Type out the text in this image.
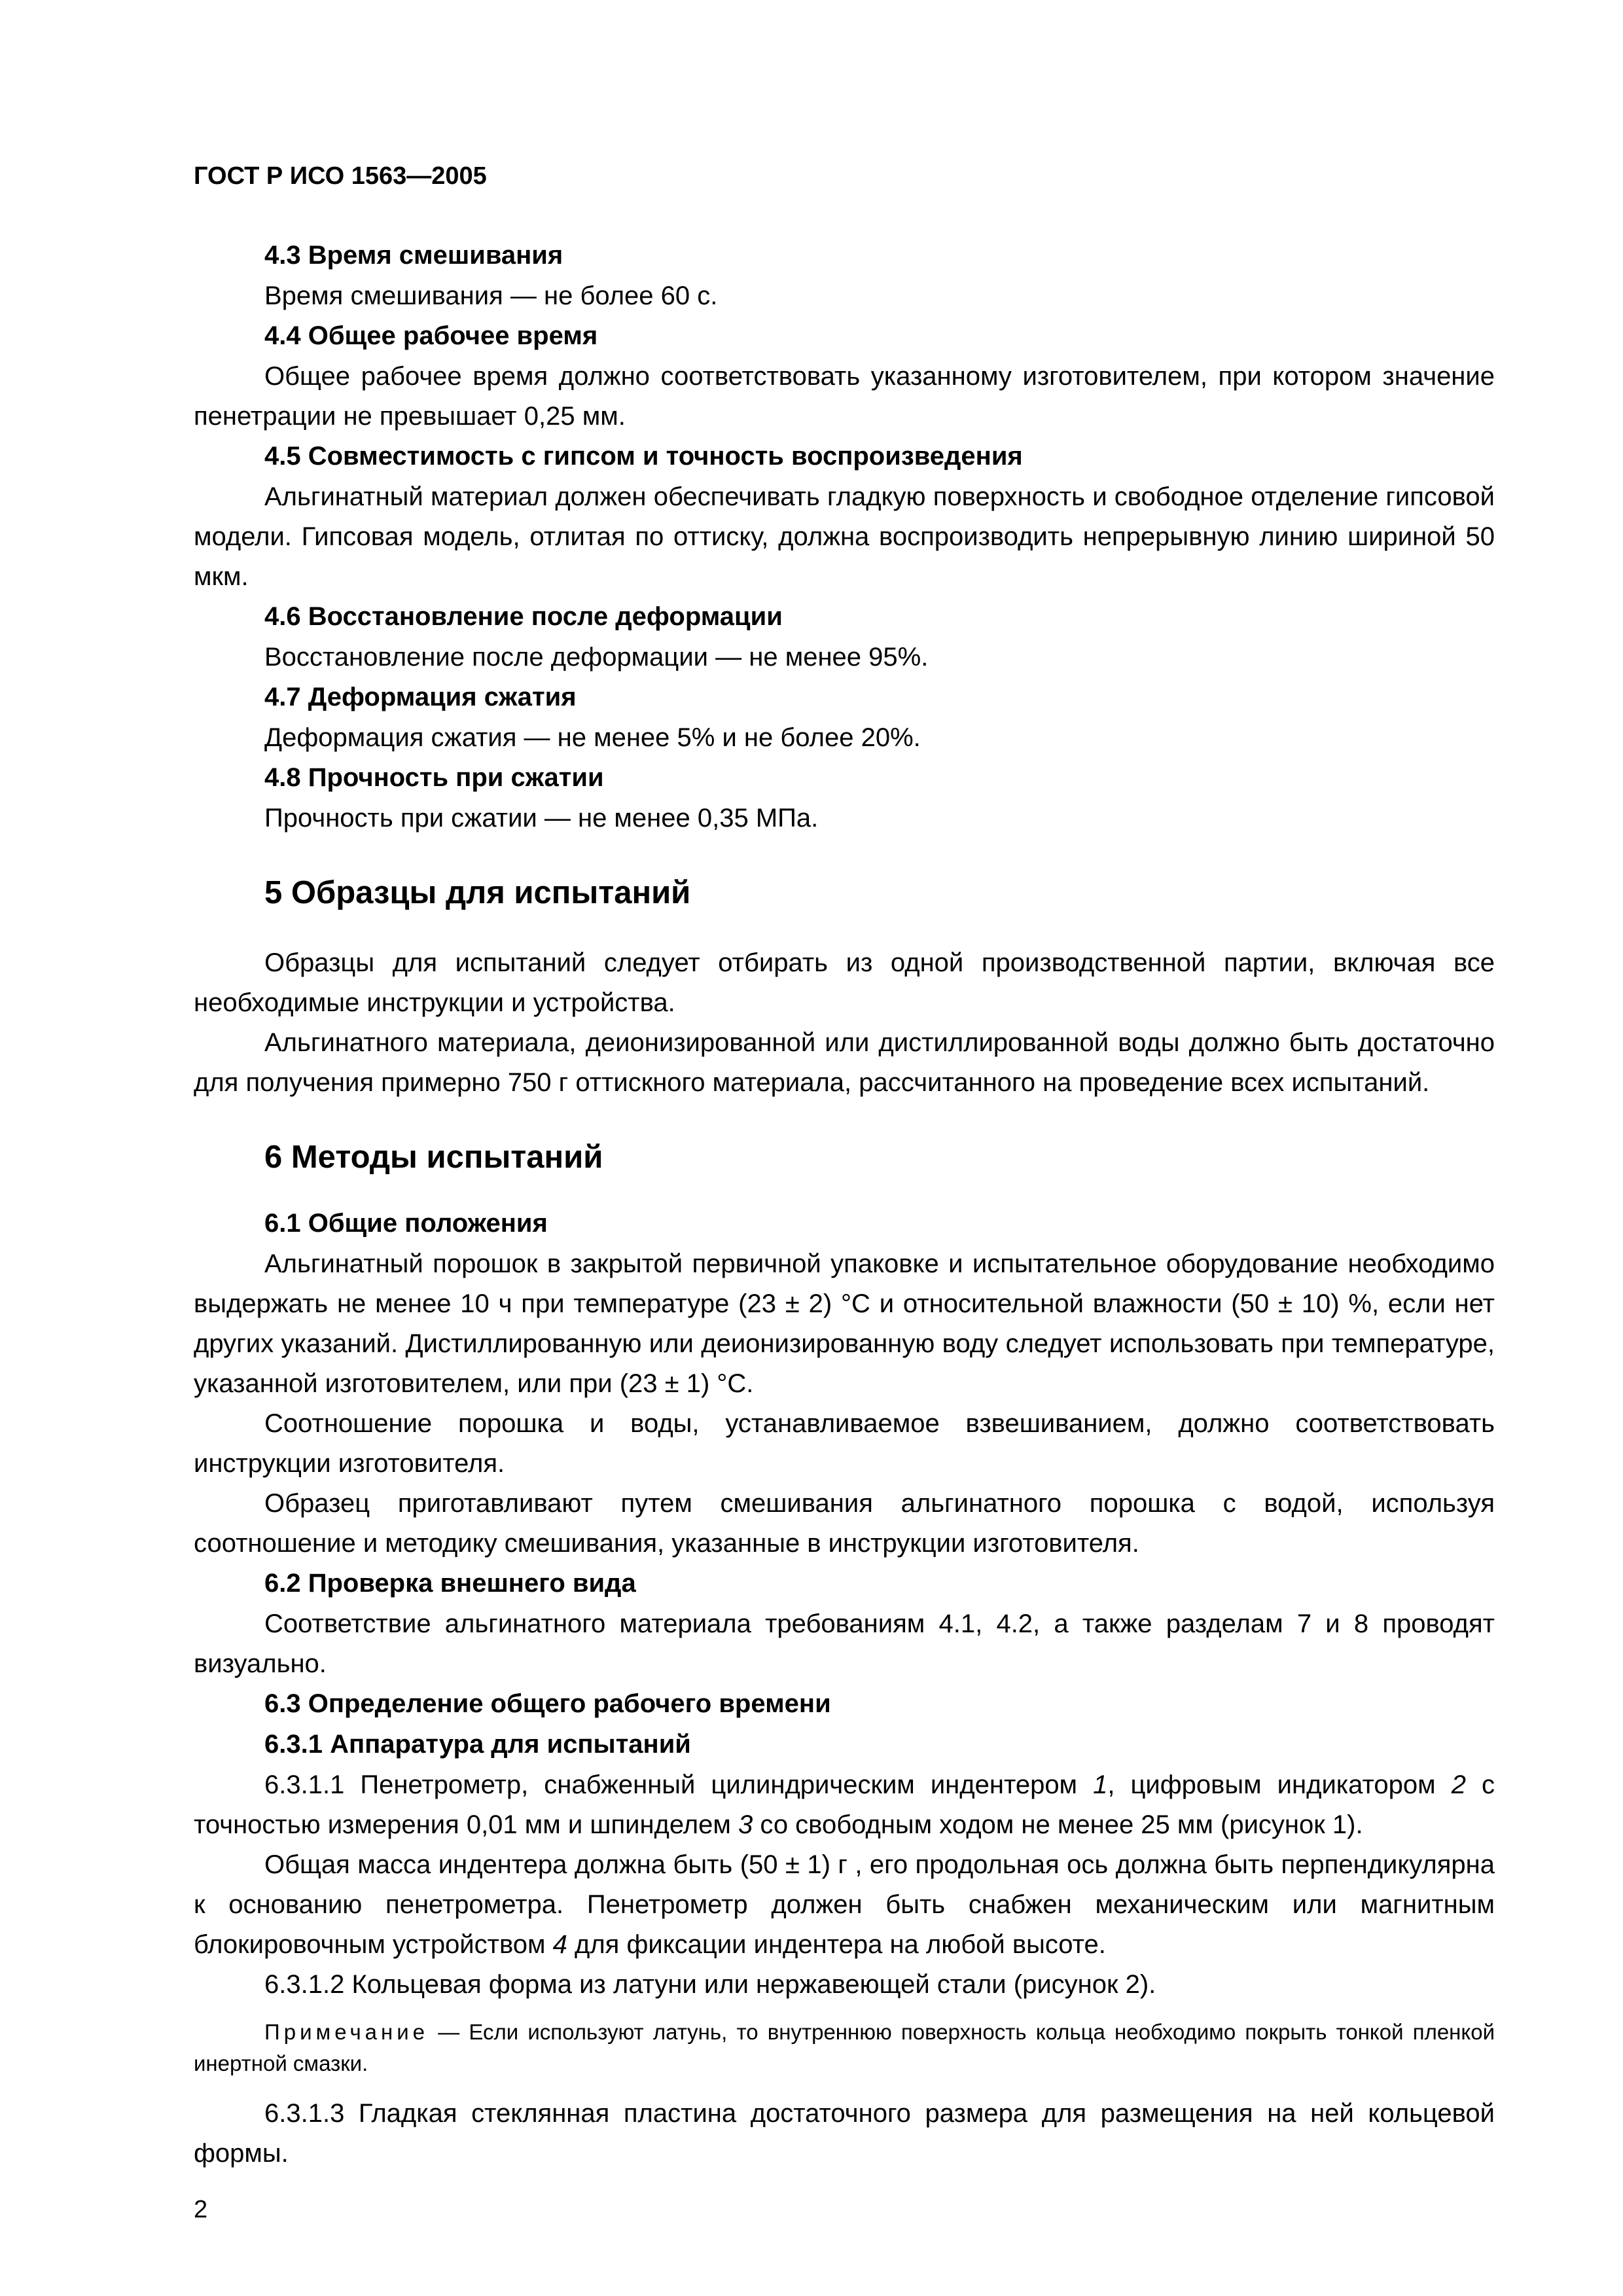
ГОСТ Р ИСО 1563—2005

4.3 Время смешивания

Время смешивания — не более 60 с.

4.4 Общее рабочее время

Общее рабочее время должно соответствовать указанному изготовителем, при котором значение пенетрации не превышает 0,25 мм.

4.5 Совместимость с гипсом и точность воспроизведения

Альгинатный материал должен обеспечивать гладкую поверхность и свободное отделение гипсовой модели. Гипсовая модель, отлитая по оттиску, должна воспроизводить непрерывную линию шириной 50 мкм.

4.6 Восстановление после деформации

Восстановление после деформации — не менее 95%.

4.7 Деформация сжатия

Деформация сжатия — не менее 5% и не более 20%.

4.8 Прочность при сжатии

Прочность при сжатии — не менее 0,35 МПа.

5 Образцы для испытаний

Образцы для испытаний следует отбирать из одной производственной партии, включая все необходимые инструкции и устройства.

Альгинатного материала, деионизированной или дистиллированной воды должно быть достаточно для получения примерно 750 г оттискного материала, рассчитанного на проведение всех испытаний.

6 Методы испытаний

6.1 Общие положения

Альгинатный порошок в закрытой первичной упаковке и испытательное оборудование необходимо выдержать не менее 10 ч при температуре (23 ± 2) °С и относительной влажности (50 ± 10) %, если нет других указаний. Дистиллированную или деионизированную воду следует использовать при температуре, указанной изготовителем, или при (23 ± 1) °С.

Соотношение порошка и воды, устанавливаемое взвешиванием, должно соответствовать инструкции изготовителя.

Образец приготавливают путем смешивания альгинатного порошка с водой, используя соотношение и методику смешивания, указанные в инструкции изготовителя.

6.2 Проверка внешнего вида

Соответствие альгинатного материала требованиям 4.1, 4.2, а также разделам 7 и 8 проводят визуально.

6.3 Определение общего рабочего времени

6.3.1 Аппаратура для испытаний

6.3.1.1 Пенетрометр, снабженный цилиндрическим индентером 1, цифровым индикатором 2 с точностью измерения 0,01 мм и шпинделем 3 со свободным ходом не менее 25 мм (рисунок 1).

Общая масса индентера должна быть (50 ± 1) г , его продольная ось должна быть перпендикулярна к основанию пенетрометра. Пенетрометр должен быть снабжен механическим или магнитным блокировочным устройством 4 для фиксации индентера на любой высоте.

6.3.1.2 Кольцевая форма из латуни или нержавеющей стали (рисунок 2).

Примечание — Если используют латунь, то внутреннюю поверхность кольца необходимо покрыть тонкой пленкой инертной смазки.

6.3.1.3 Гладкая стеклянная пластина достаточного размера для размещения на ней кольцевой формы.

2
